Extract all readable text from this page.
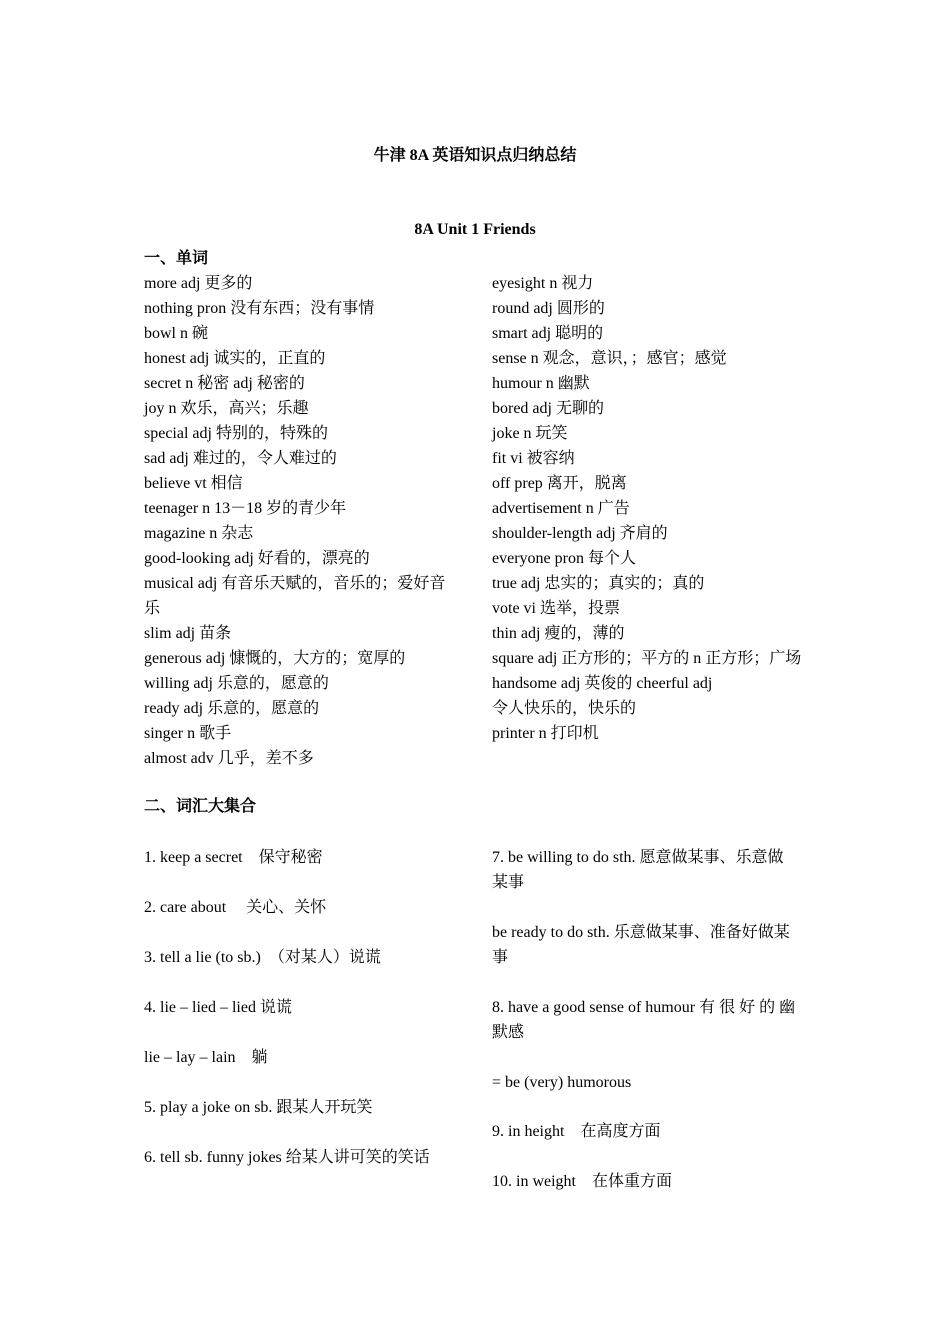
牛津 8A 英语知识点归纳总结
8A Unit 1 Friends
一、单词
more adj 更多的
nothing pron 没有东西；没有事情
bowl n 碗
honest adj 诚实的，正直的
secret n 秘密 adj 秘密的
joy n 欢乐，高兴；乐趣
special adj 特别的，特殊的
sad adj 难过的，令人难过的
believe vt 相信
teenager n 13－18 岁的青少年
magazine n 杂志
good-looking adj 好看的，漂亮的
musical adj 有音乐天赋的，音乐的；爱好音
乐
slim adj 苗条
generous adj 慷慨的，大方的；宽厚的
willing adj 乐意的，愿意的
ready adj 乐意的，愿意的
singer n 歌手
almost adv 几乎，差不多
eyesight n 视力
round adj 圆形的
smart adj 聪明的
sense n 观念，意识，；感官；感觉
humour n 幽默
bored adj 无聊的
joke n 玩笑
fit vi 被容纳
off prep 离开，脱离
advertisement n 广告
shoulder-length adj 齐肩的
everyone pron 每个人
true adj 忠实的；真实的；真的
vote vi 选举，投票
thin adj 瘦的，薄的
square adj 正方形的；平方的 n 正方形；广场
handsome adj 英俊的 cheerful adj
令人快乐的，快乐的
printer n 打印机
二、词汇大集合
1. keep a secret　保守秘密
2. care about　 关心、关怀
3. tell a lie (to sb.)　（对某人）说谎
4. lie – lied – lied 说谎
lie – lay – lain　躺
5. play a joke on sb. 跟某人开玩笑
6. tell sb. funny jokes 给某人讲可笑的笑话
7. be willing to do sth. 愿意做某事、乐意做
某事
be ready to do sth. 乐意做某事、准备好做某
事
8. have a good sense of humour 有 很 好 的 幽
默感
= be (very) humorous
9. in height　在高度方面
10. in weight　在体重方面
